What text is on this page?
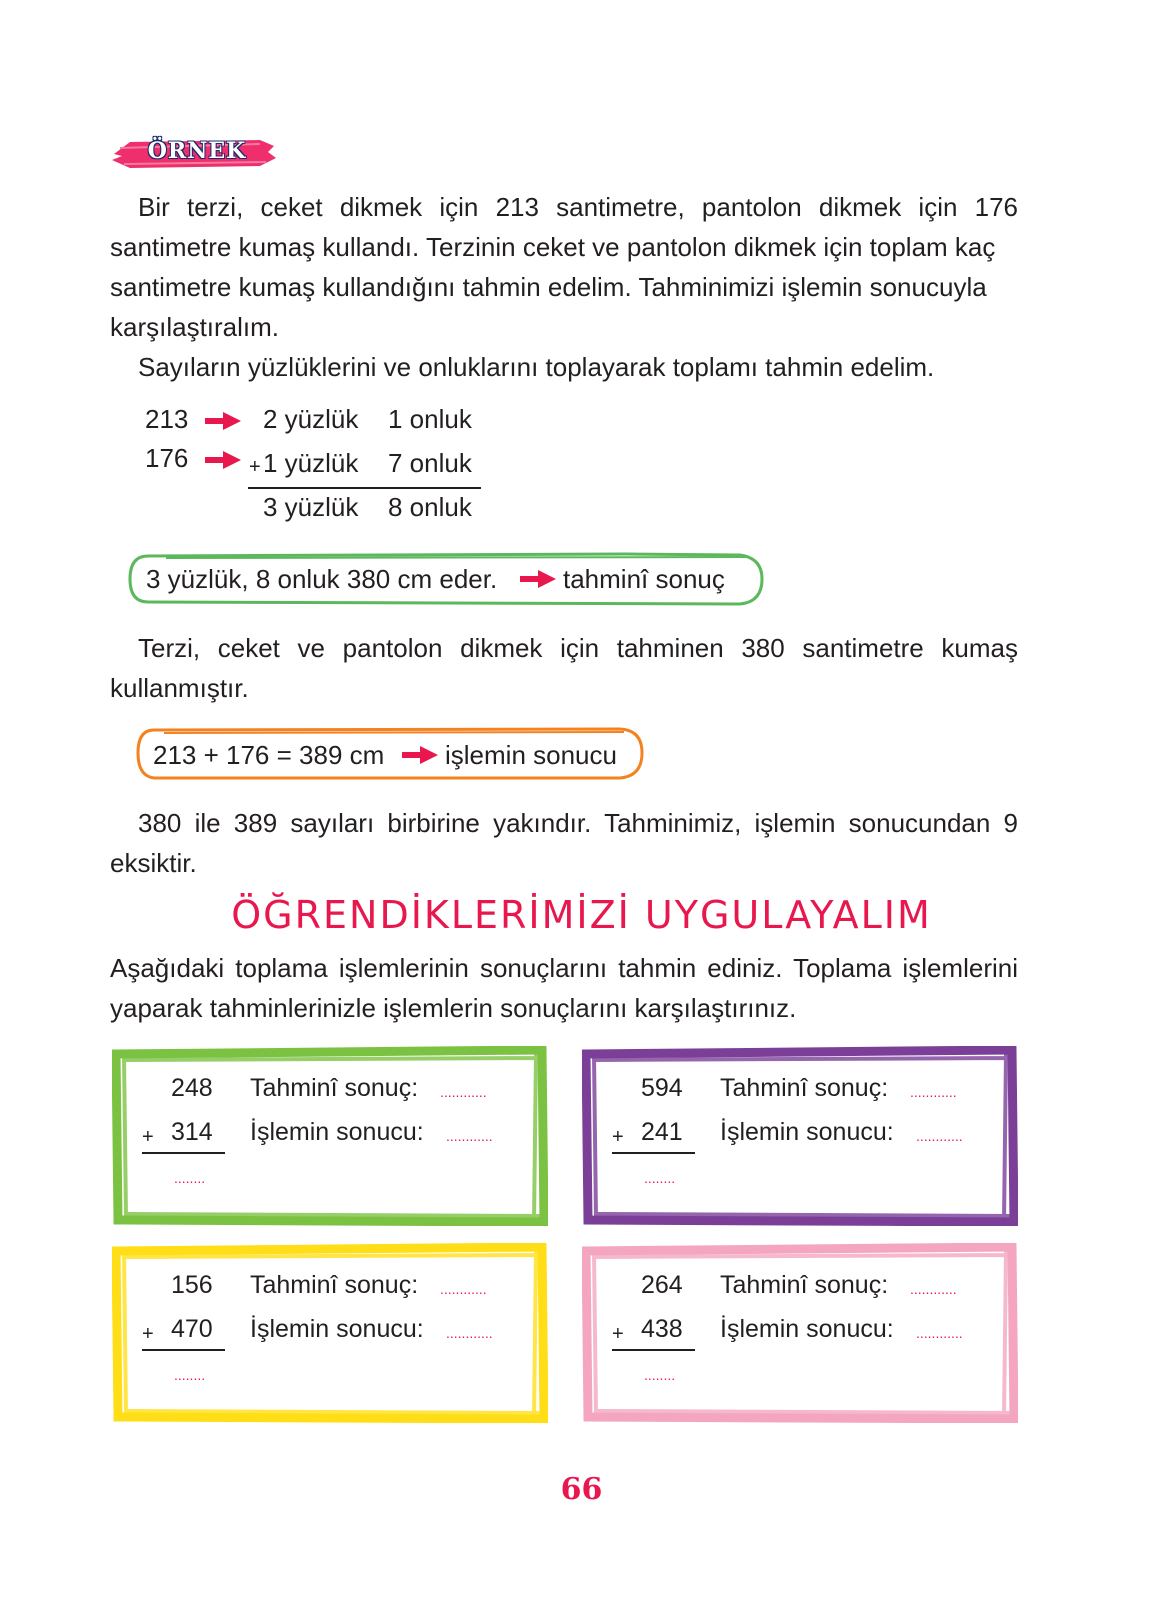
ÖRNEK
Bir terzi, ceket dikmek için 213 santimetre, pantolon dikmek için 176
santimetre kumaş kullandı. Terzinin ceket ve pantolon dikmek için toplam kaç
santimetre kumaş kullandığını tahmin edelim. Tahminimizi işlemin sonucuyla
karşılaştıralım.
Sayıların yüzlüklerini ve onluklarını toplayarak toplamı tahmin edelim.
213	2 yüzlük 1 onluk
176	+ 1 yüzlük 7 onluk
3 yüzlük 8 onluk
3 yüzlük, 8 onluk 380 cm eder.	tahminî sonuç
Terzi, ceket ve pantolon dikmek için tahminen 380 santimetre kumaş
kullanmıştır.
213 + 176 = 389 cm işlemin sonucu
380 ile 389 sayıları birbirine yakındır. Tahminimiz, işlemin sonucundan 9
eksiktir.
ÖĞRENDİKLERİMİZİ UYGULAYALIM
Aşağıdaki toplama işlemlerinin sonuçlarını tahmin ediniz. Toplama işlemlerini
yaparak tahminlerinizle işlemlerin sonuçlarını karşılaştırınız.
248
+ 314
........
Tahminî sonuç: ............
İşlemin sonucu: ............
594
+ 241
........
Tahminî sonuç: ............
İşlemin sonucu: ............
156
+ 470
........
Tahminî sonuç: ............
İşlemin sonucu: ............
264
+ 438
........
Tahminî sonuç: ............
İşlemin sonucu: ............
66
